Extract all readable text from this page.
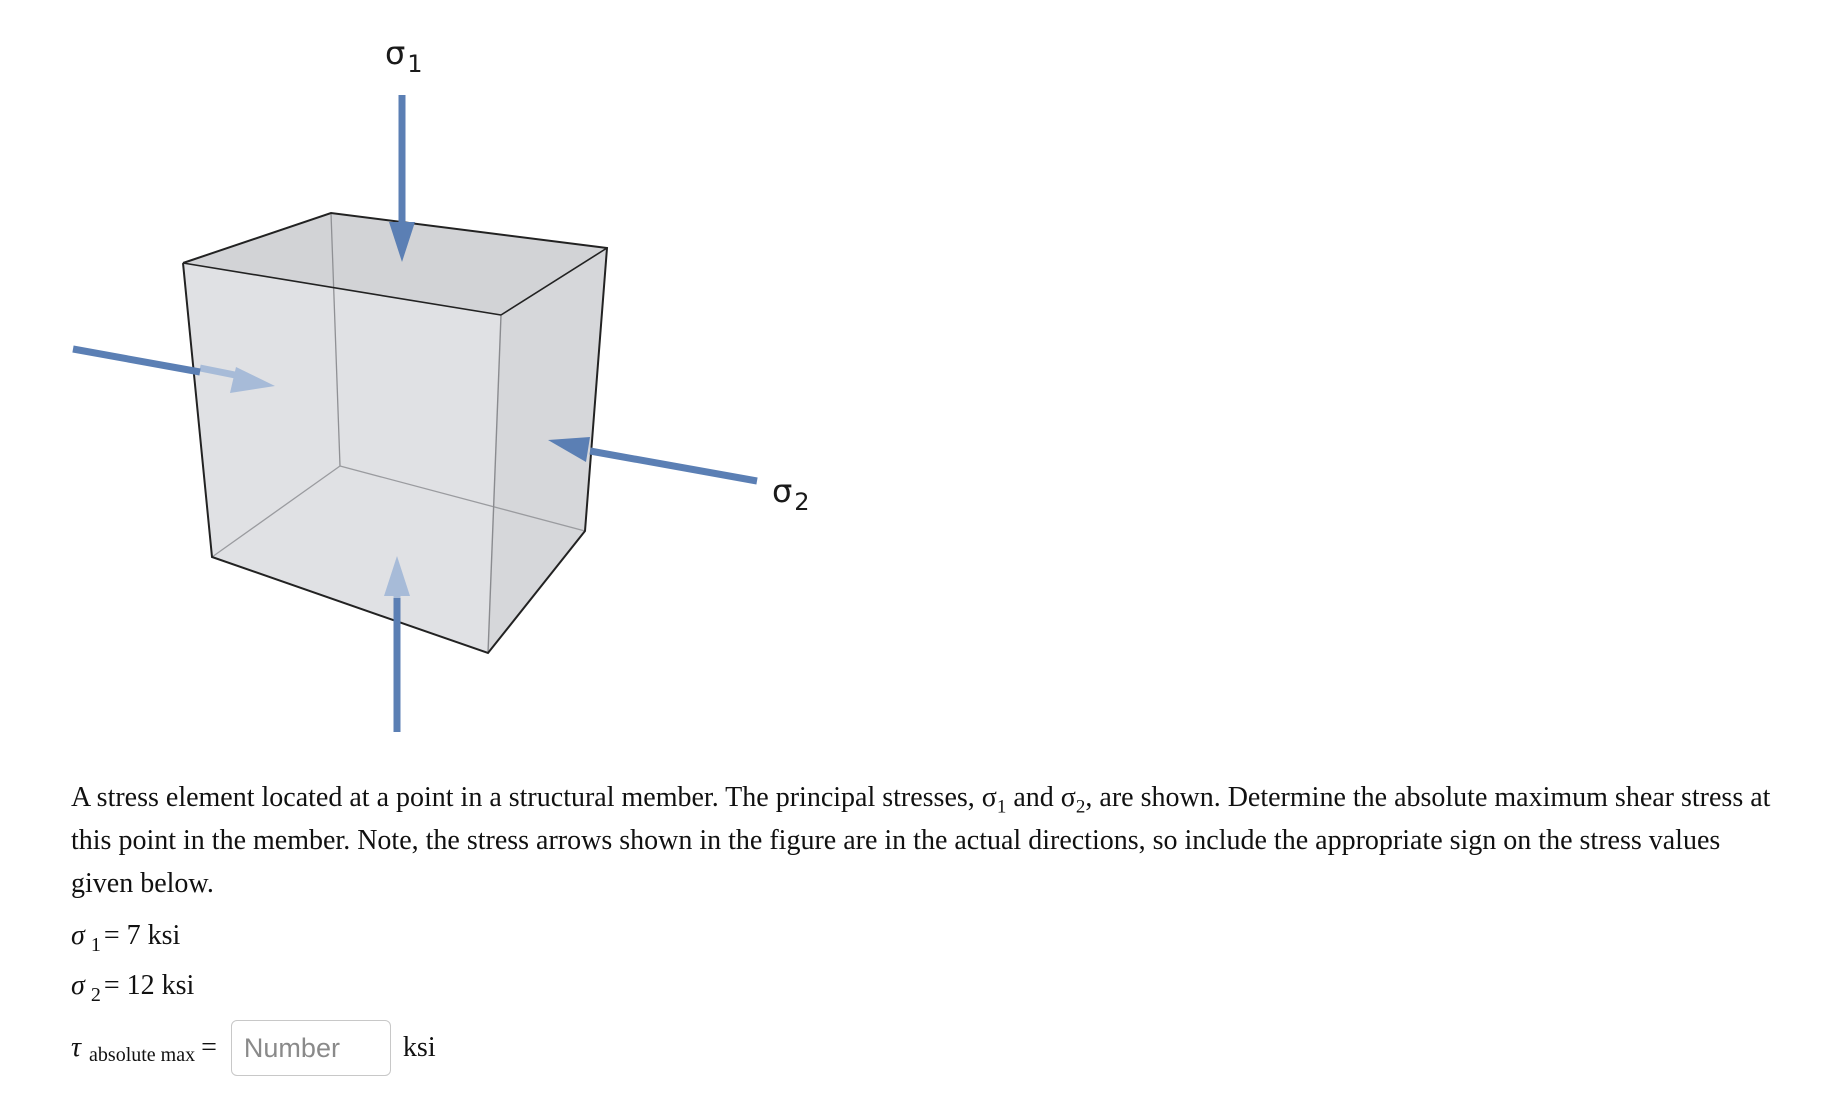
$\sigma_1$
$\sigma_2$
A stress element located at a point in a structural member. The principal stresses, $\sigma_1$ and $\sigma_2$, are shown. Determine the absolute maximum shear stress at this point in the member. Note, the stress arrows shown in the figure are in the actual directions, so include the appropriate sign on the stress values given below.
σ $_1$ = 7 ksi
σ $_2$ = 12 ksi
τ absolute max =
Number	ksi
